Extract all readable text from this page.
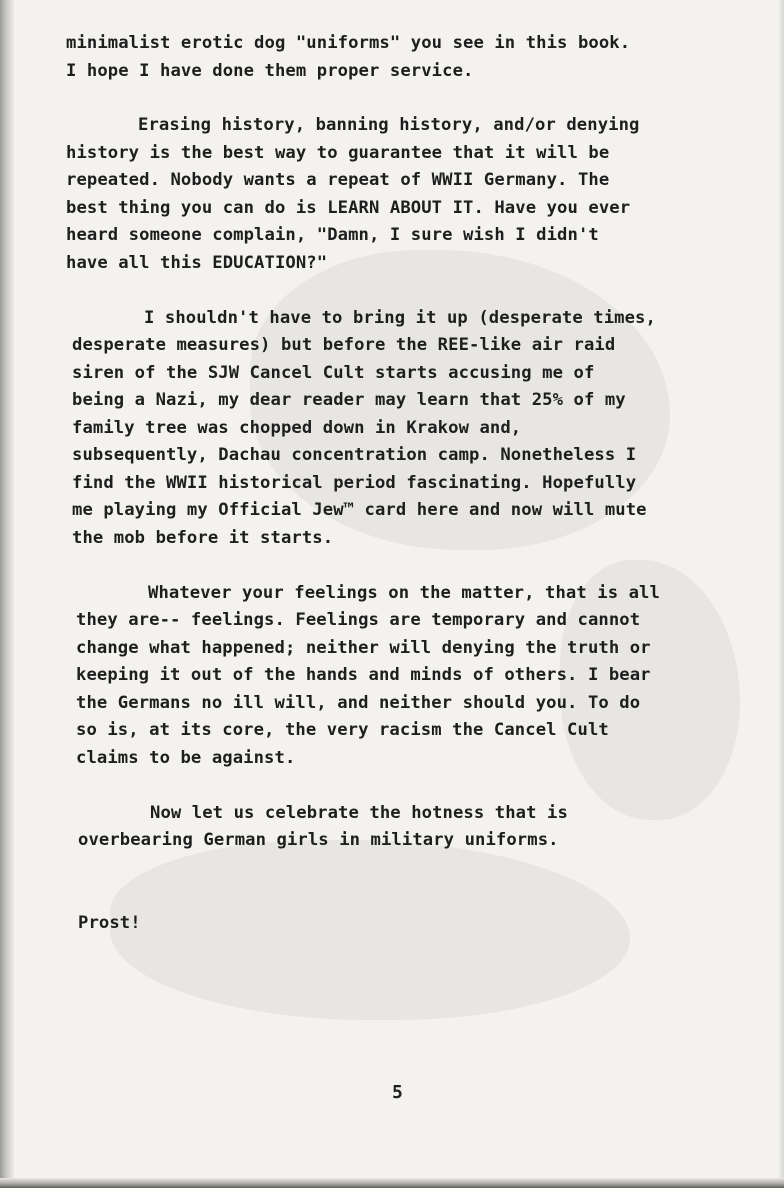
minimalist erotic dog "uniforms" you see in this book.
I hope I have done them proper service.
Erasing history, banning history, and/or denying
history is the best way to guarantee that it will be
repeated. Nobody wants a repeat of WWII Germany. The
best thing you can do is LEARN ABOUT IT. Have you ever
heard someone complain, "Damn, I sure wish I didn't
have all this EDUCATION?"
I shouldn't have to bring it up (desperate times,
desperate measures) but before the REE-like air raid
siren of the SJW Cancel Cult starts accusing me of
being a Nazi, my dear reader may learn that 25% of my
family tree was chopped down in Krakow and,
subsequently, Dachau concentration camp. Nonetheless I
find the WWII historical period fascinating. Hopefully
me playing my Official Jew™ card here and now will mute
the mob before it starts.
Whatever your feelings on the matter, that is all
they are-- feelings. Feelings are temporary and cannot
change what happened; neither will denying the truth or
keeping it out of the hands and minds of others. I bear
the Germans no ill will, and neither should you. To do
so is, at its core, the very racism the Cancel Cult
claims to be against.
Now let us celebrate the hotness that is
overbearing German girls in military uniforms.
Prost!
5
